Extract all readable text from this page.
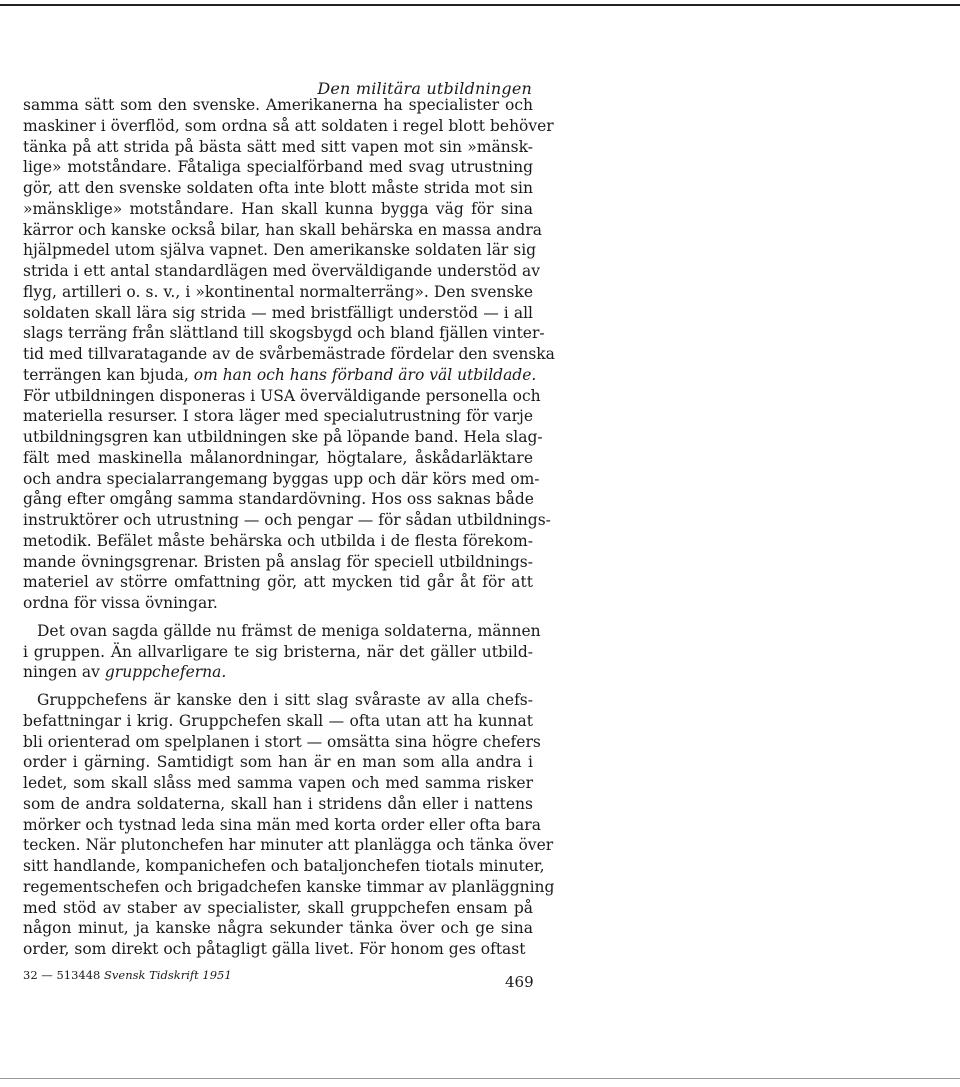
Den militära utbildningen
samma sätt som den svenske. Amerikanerna ha specialister och
maskiner i överflöd, som ordna så att soldaten i regel blott behöver
tänka på att strida på bästa sätt med sitt vapen mot sin »mänsk-
lige» motståndare. Fåtaliga specialförband med svag utrustning
gör, att den svenske soldaten ofta inte blott måste strida mot sin
»mänsklige» motståndare. Han skall kunna bygga väg för sina
kärror och kanske också bilar, han skall behärska en massa andra
hjälpmedel utom själva vapnet. Den amerikanske soldaten lär sig
strida i ett antal standardlägen med överväldigande understöd av
flyg, artilleri o. s. v., i »kontinental normalterräng». Den svenske
soldaten skall lära sig strida — med bristfälligt understöd — i all
slags terräng från slättland till skogsbygd och bland fjällen vinter-
tid med tillvaratagande av de svårbemästrade fördelar den svenska
terrängen kan bjuda, om han och hans förband äro väl utbildade.
För utbildningen disponeras i USA överväldigande personella och
materiella resurser. I stora läger med specialutrustning för varje
utbildningsgren kan utbildningen ske på löpande band. Hela slag-
fält med maskinella målanordningar, högtalare, åskådarläktare
och andra specialarrangemang byggas upp och där körs med om-
gång efter omgång samma standardövning. Hos oss saknas både
instruktörer och utrustning — och pengar — för sådan utbildnings-
metodik. Befälet måste behärska och utbilda i de flesta förekom-
mande övningsgrenar. Bristen på anslag för speciell utbildnings-
materiel av större omfattning gör, att mycken tid går åt för att
ordna för vissa övningar.
Det ovan sagda gällde nu främst de meniga soldaterna, männen
i gruppen. Än allvarligare te sig bristerna, när det gäller utbild-
ningen av gruppcheferna.
Gruppchefens är kanske den i sitt slag svåraste av alla chefs-
befattningar i krig. Gruppchefen skall — ofta utan att ha kunnat
bli orienterad om spelplanen i stort — omsätta sina högre chefers
order i gärning. Samtidigt som han är en man som alla andra i
ledet, som skall slåss med samma vapen och med samma risker
som de andra soldaterna, skall han i stridens dån eller i nattens
mörker och tystnad leda sina män med korta order eller ofta bara
tecken. När plutonchefen har minuter att planlägga och tänka över
sitt handlande, kompanichefen och bataljonchefen tiotals minuter,
regementschefen och brigadchefen kanske timmar av planläggning
med stöd av staber av specialister, skall gruppchefen ensam på
någon minut, ja kanske några sekunder tänka över och ge sina
order, som direkt och påtagligt gälla livet. För honom ges oftast
32 — 513448 Svensk Tidskrift 1951	469
